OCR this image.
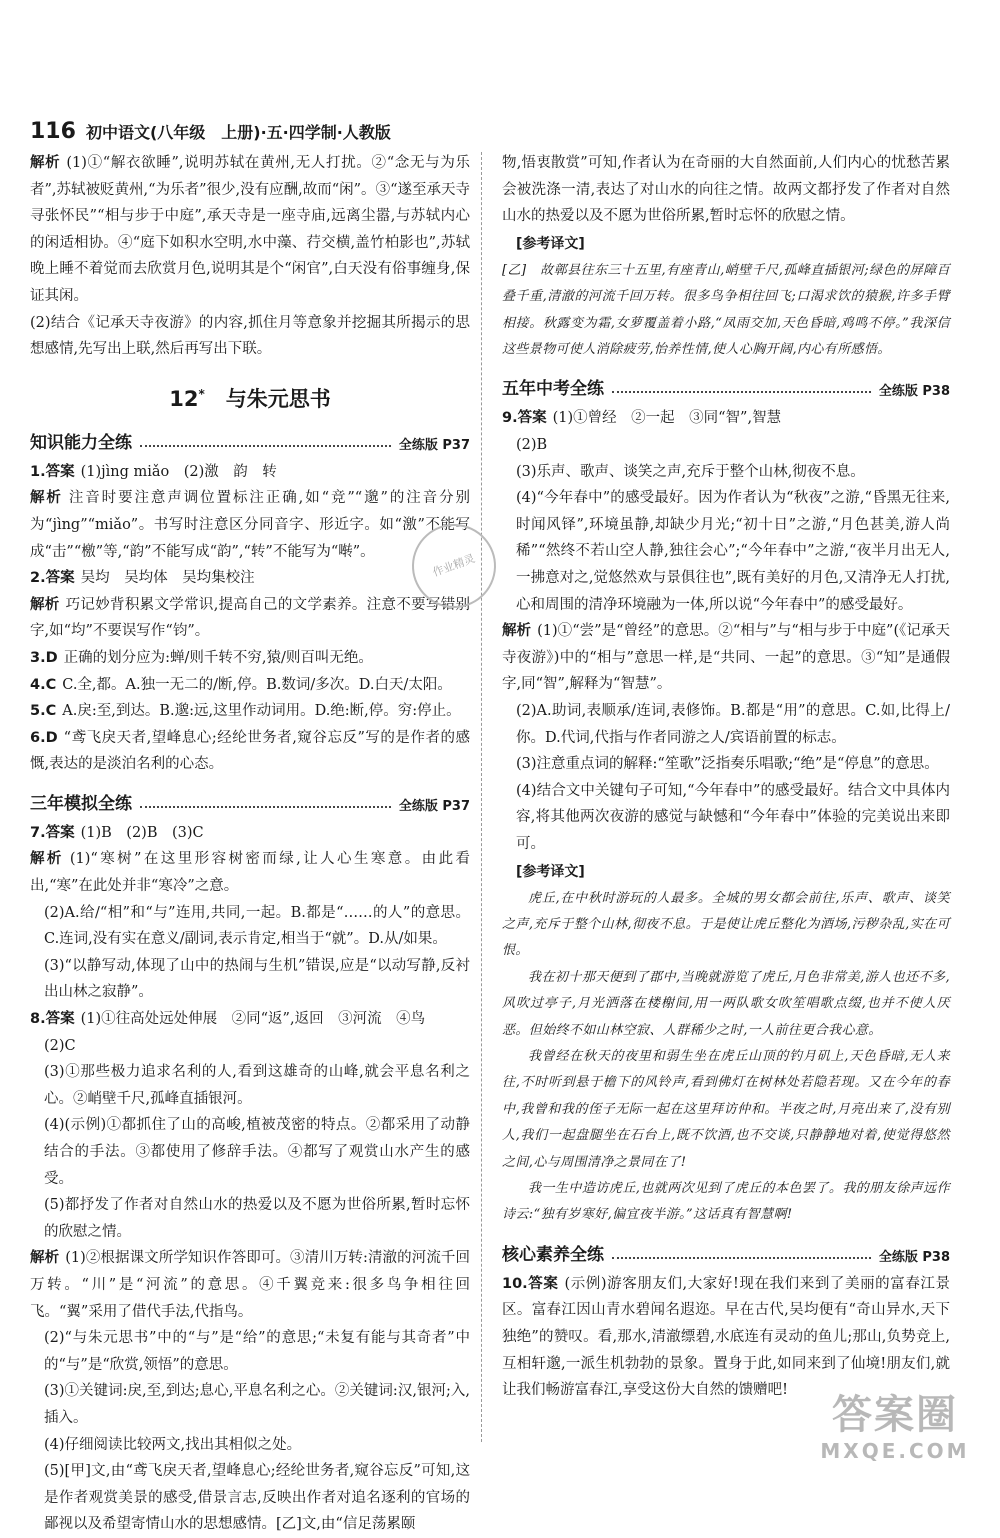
116 初中语文(八年级　上册)·五·四学制·人教版

解析 (1)①“解衣欲睡”,说明苏轼在黄州,无人打扰。②“念无与为乐者”,苏轼被贬黄州,“为乐者”很少,没有应酬,故而“闲”。③“遂至承天寺寻张怀民”“相与步于中庭”,承天寺是一座寺庙,远离尘嚣,与苏轼内心的闲适相协。④“庭下如积水空明,水中藻、荇交横,盖竹柏影也”,苏轼晚上睡不着觉而去欣赏月色,说明其是个“闲官”,白天没有俗事缠身,保证其闲。

(2)结合《记承天寺夜游》的内容,抓住月等意象并挖掘其所揭示的思想感情,先写出上联,然后再写出下联。

12*　 与朱元思书
知识能力全练	全练版 P37

1.答案 (1)jìng miǎo　(2)激　韵　转

解析 注音时要注意声调位置标注正确,如“竞”“邈”的注音分别为“jìng”“miǎo”。书写时注意区分同音字、形近字。如“激”不能写成“击”“檄”等,“韵”不能写成“韵”,“转”不能写为“啭”。

2.答案 吴均　吴均体　吴均集校注

解析 巧记妙背积累文学常识,提高自己的文学素养。注意不要写错别字,如“均”不要误写作“钧”。

3.D 正确的划分应为:蝉/则千转不穷,猿/则百叫无绝。

4.C C.全,都。A.独一无二的/断,停。B.数词/多次。D.白天/太阳。

5.C A.戾:至,到达。B.邈:远,这里作动词用。D.绝:断,停。穷:停止。

6.D “鸢飞戾天者,望峰息心;经纶世务者,窥谷忘反”写的是作者的感慨,表达的是淡泊名利的心态。

三年模拟全练	全练版 P37

7.答案 (1)B　(2)B　(3)C

解析 (1)“寒树”在这里形容树密而绿,让人心生寒意。由此看出,“寒”在此处并非“寒冷”之意。

(2)A.给/“相”和“与”连用,共同,一起。B.都是“……的人”的意思。C.连词,没有实在意义/副词,表示肯定,相当于“就”。D.从/如果。

(3)“以静写动,体现了山中的热闹与生机”错误,应是“以动写静,反衬出山林之寂静”。

8.答案 (1)①往高处远处伸展　②同“返”,返回　③河流　④鸟

(2)C

(3)①那些极力追求名利的人,看到这雄奇的山峰,就会平息名利之心。②峭壁千尺,孤峰直插银河。

(4)(示例)①都抓住了山的高峻,植被茂密的特点。②都采用了动静结合的手法。③都使用了修辞手法。④都写了观赏山水产生的感受。

(5)都抒发了作者对自然山水的热爱以及不愿为世俗所累,暂时忘怀的欣慰之情。

解析 (1)②根据课文所学知识作答即可。③清川万转:清澈的河流千回万转。“川”是“河流”的意思。④千翼竞来:很多鸟争相往回飞。“翼”采用了借代手法,代指鸟。

(2)“与朱元思书”中的“与”是“给”的意思;“未复有能与其奇者”中的“与”是“欣赏,领悟”的意思。

(3)①关键词:戾,至,到达;息心,平息名利之心。②关键词:汉,银河;入,插入。

(4)仔细阅读比较两文,找出其相似之处。

(5)[甲]文,由“鸢飞戾天者,望峰息心;经纶世务者,窥谷忘反”可知,这是作者观赏美景的感受,借景言志,反映出作者对追名逐利的官场的鄙视以及希望寄情山水的思想感情。[乙]文,由“信足荡累颐

作业精灵

物,悟衷散赏”可知,作者认为在奇丽的大自然面前,人们内心的忧愁苦累会被洗涤一清,表达了对山水的向往之情。故两文都抒发了作者对自然山水的热爱以及不愿为世俗所累,暂时忘怀的欣慰之情。

[参考译文]

[乙]　故鄣县往东三十五里,有座青山,峭壁千尺,孤峰直插银河;绿色的屏障百叠千重,清澈的河流千回万转。很多鸟争相往回飞;口渴求饮的猿猴,许多手臂相接。秋露变为霜,女萝覆盖着小路,“凤雨交加,天色昏暗,鸡鸣不停。”我深信这些景物可使人消除疲劳,怡养性情,使人心胸开阔,内心有所感悟。

五年中考全练	全练版 P38

9.答案 (1)①曾经　②一起　③同“智”,智慧

(2)B

(3)乐声、歌声、谈笑之声,充斥于整个山林,彻夜不息。

(4)“今年春中”的感受最好。因为作者认为“秋夜”之游,“昏黑无往来,时闻风铎”,环境虽静,却缺少月光;“初十日”之游,“月色甚美,游人尚稀”“然终不若山空人静,独往会心”;“今年春中”之游,“夜半月出无人,一拂意对之,觉悠然欢与景俱往也”,既有美好的月色,又清净无人打扰,心和周围的清净环境融为一体,所以说“今年春中”的感受最好。

解析 (1)①“尝”是“曾经”的意思。②“相与”与“相与步于中庭”(《记承天寺夜游》)中的“相与”意思一样,是“共同、一起”的意思。③“知”是通假字,同“智”,解释为“智慧”。

(2)A.助词,表顺承/连词,表修饰。B.都是“用”的意思。C.如,比得上/你。D.代词,代指与作者同游之人/宾语前置的标志。

(3)注意重点词的解释:“笙歌”泛指奏乐唱歌;“绝”是“停息”的意思。

(4)结合文中关键句子可知,“今年春中”的感受最好。结合文中具体内容,将其他两次夜游的感觉与缺憾和“今年春中”体验的完美说出来即可。

[参考译文]

虎丘,在中秋时游玩的人最多。全城的男女都会前往,乐声、歌声、谈笑之声,充斥于整个山林,彻夜不息。于是使让虎丘整化为酒场,污秽杂乱,实在可恨。

我在初十那天便到了郡中,当晚就游览了虎丘,月色非常美,游人也还不多,风吹过亭子,月光洒落在楼榭间,用一两队歌女吹笙唱歌点缀,也并不使人厌恶。但始终不如山林空寂、人群稀少之时,一人前往更合我心意。

我曾经在秋天的夜里和弱生坐在虎丘山顶的钓月矶上,天色昏暗,无人来往,不时听到悬于檐下的风铃声,看到佛灯在树林处若隐若现。又在今年的春中,我曾和我的侄子无际一起在这里拜访仲和。半夜之时,月亮出来了,没有别人,我们一起盘腿坐在石台上,既不饮酒,也不交谈,只静静地对着,使觉得悠然之间,心与周围清净之景同在了!

我一生中造访虎丘,也就两次见到了虎丘的本色罢了。我的朋友徐声远作诗云:“独有岁寒好,偏宜夜半游。”这话真有智慧啊!

核心素养全练	全练版 P38

10.答案 (示例)游客朋友们,大家好!现在我们来到了美丽的富春江景区。富春江因山青水碧闻名遐迩。早在古代,吴均便有“奇山异水,天下独绝”的赞叹。看,那水,清澈缥碧,水底连有灵动的鱼儿;那山,负势竞上,互相轩邈,一派生机勃勃的景象。置身于此,如同来到了仙境!朋友们,就让我们畅游富春江,享受这份大自然的馈赠吧!

答案圈
MXQE.COM
